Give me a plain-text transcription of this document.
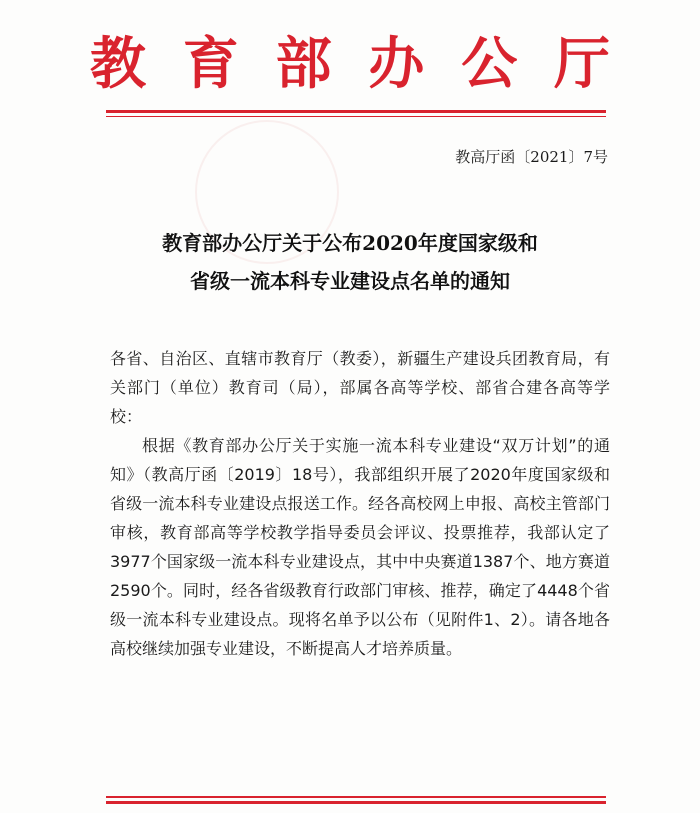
教 育 部 办 公 厅
教高厅函〔2021〕7号
教育部办公厅关于公布2020年度国家级和
省级一流本科专业建设点名单的通知

各省、自治区、直辖市教育厅（教委），新疆生产建设兵团教育局，有关部门（单位）教育司（局），部属各高等学校、部省合建各高等学校：

根据《教育部办公厅关于实施一流本科专业建设“双万计划”的通知》（教高厅函〔2019〕18号），我部组织开展了2020年度国家级和省级一流本科专业建设点报送工作。经各高校网上申报、高校主管部门审核，教育部高等学校教学指导委员会评议、投票推荐，我部认定了3977个国家级一流本科专业建设点，其中中央赛道1387个、地方赛道2590个。同时，经各省级教育行政部门审核、推荐，确定了4448个省级一流本科专业建设点。现将名单予以公布（见附件1、2）。请各地各高校继续加强专业建设，不断提高人才培养质量。
